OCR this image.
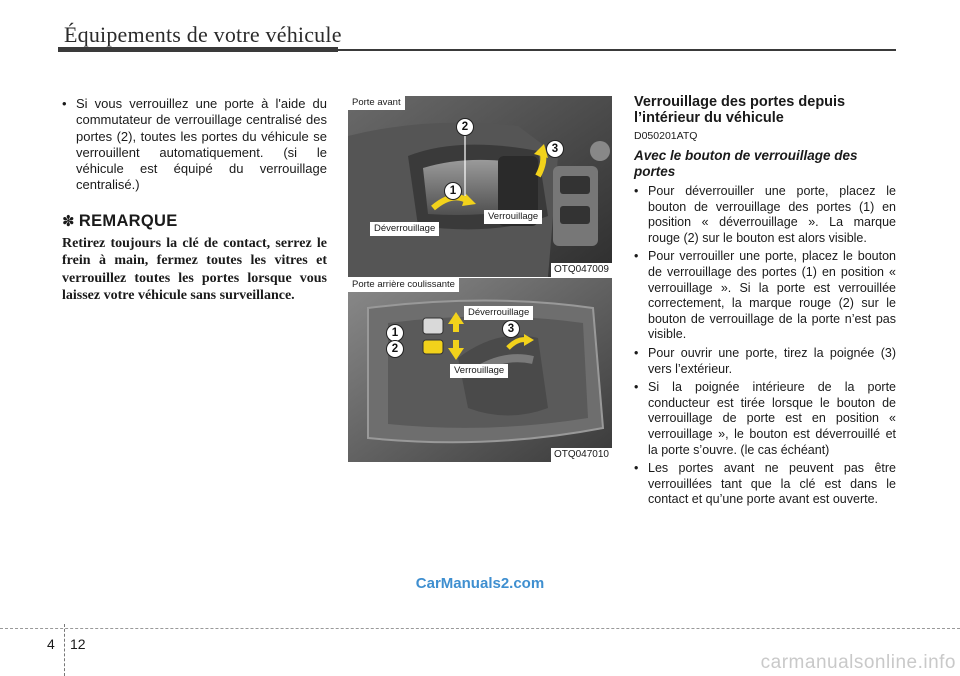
Équipements de votre véhicule
• Si vous verrouillez une porte à l'aide du commutateur de verrouillage centralisé des portes (2), toutes les portes du véhicule se verrouillent automatiquement. (si le véhicule est équipé du verrouillage centralisé.)
✽ REMARQUE
Retirez toujours la clé de contact, serrez le frein à main, fermez toutes les vitres et verrouillez toutes les portes lorsque vous laissez votre véhicule sans surveillance.
Porte avant
2
3
1
Verrouillage
Déverrouillage
OTQ047009
Porte arrière coulissante
Déverrouillage
1	3
2
Verrouillage
OTQ047010
Verrouillage des portes depuis l’intérieur du véhicule
D050201ATQ
Avec le bouton de verrouillage des portes
• Pour déverrouiller une porte, placez le bouton de verrouillage des portes (1) en position « déverrouillage ». La marque rouge (2) sur le bouton est alors visible.
• Pour verrouiller une porte, placez le bouton de verrouillage des portes (1) en position « verrouillage ». Si la porte est verrouillée correctement, la marque rouge (2) sur le bouton de verrouillage de la porte n’est pas visible.
• Pour ouvrir une porte, tirez la poignée (3) vers l’extérieur.
• Si la poignée intérieure de la porte conducteur est tirée lorsque le bouton de verrouillage de porte est en position « verrouillage », le bouton est déverrouillé et la porte s’ouvre. (le cas échéant)
• Les portes avant ne peuvent pas être verrouillées tant que la clé est dans le contact et qu’une porte avant est ouverte.
CarManuals2.com
4 12
carmanualsonline.info
